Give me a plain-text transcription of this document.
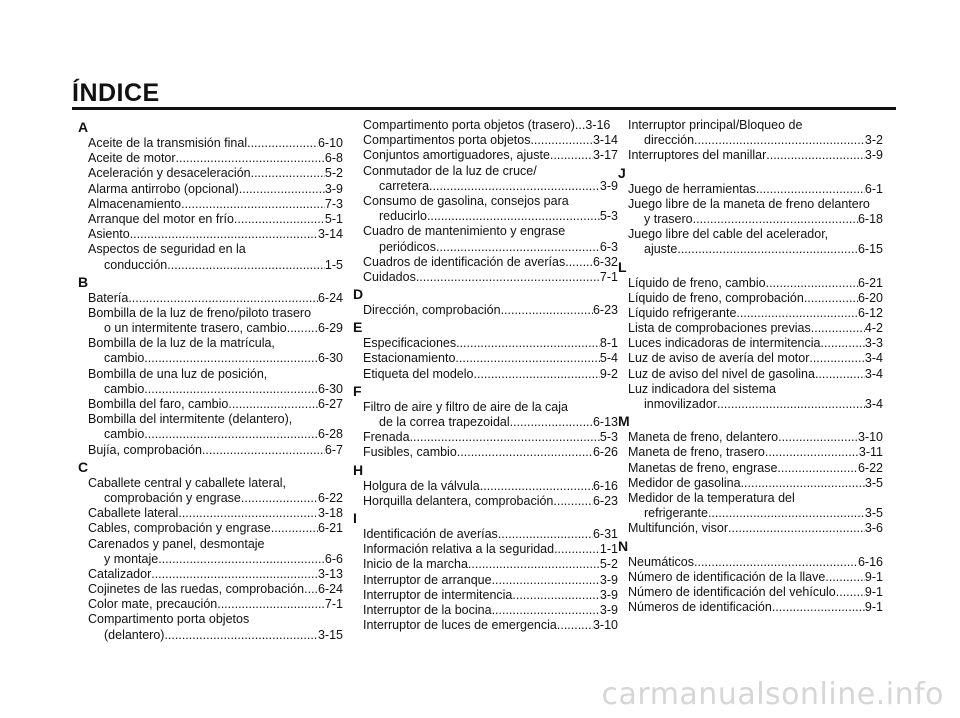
ÍNDICE
A
Aceite de la transmisión final .....	6-10
Aceite de motor .....	6-8
Aceleración y desaceleración .....	5-2
Alarma antirrobo (opcional) .....	3-9
Almacenamiento .....	7-3
Arranque del motor en frío .....	5-1
Asiento .....	3-14
Aspectos de seguridad en la
conducción .....	1-5
B
Batería .....	6-24
Bombilla de la luz de freno/piloto trasero
o un intermitente trasero, cambio ..... 6-29
Bombilla de la luz de la matrícula,
cambio .....	6-30
Bombilla de una luz de posición,
cambio .....	6-30
Bombilla del faro, cambio .....	6-27
Bombilla del intermitente (delantero),
cambio .....	6-28
Bujía, comprobación .....	6-7
C
Caballete central y caballete lateral,
comprobación y engrase .....	6-22
Caballete lateral .....	3-18
Cables, comprobación y engrase .....	6-21
Carenados y panel, desmontaje
y montaje .....	6-6
Catalizador .....	3-13
Cojinetes de las ruedas, comprobación .. ..... 6-24
Color mate, precaución .....	7-1
Compartimento porta objetos
(delantero) .....	3-15
Compartimento porta objetos (trasero) ... 3-16
Compartimentos porta objetos .....	3-14
Conjuntos amortiguadores, ajuste .....	3-17
Conmutador de la luz de cruce/
carretera .....	3-9
Consumo de gasolina, consejos para
reducirlo .....	5-3
Cuadro de mantenimiento y engrase
periódicos .....	6-3
Cuadros de identificación de averías ..... 6-32
Cuidados .....	7-1
D
Dirección, comprobación .....	6-23
E
Especificaciones .....	8-1
Estacionamiento .....	5-4
Etiqueta del modelo .....	9-2
F
Filtro de aire y filtro de aire de la caja
de la correa trapezoidal .....	6-13
Frenada .....	5-3
Fusibles, cambio .....	6-26
H
Holgura de la válvula .....	6-16
Horquilla delantera, comprobación .....	6-23
I
Identificación de averías .....	6-31
Información relativa a la seguridad .....	1-1
Inicio de la marcha .....	5-2
Interruptor de arranque .....	3-9
Interruptor de intermitencia .....	3-9
Interruptor de la bocina .....	3-9
Interruptor de luces de emergencia .....	3-10
Interruptor principal/Bloqueo de
dirección .....	3-2
Interruptores del manillar .....	3-9
J
Juego de herramientas .....	6-1
Juego libre de la maneta de freno delantero
y trasero .....	6-18
Juego libre del cable del acelerador,
ajuste .....	6-15
L
Líquido de freno, cambio .....	6-21
Líquido de freno, comprobación .....	6-20
Líquido refrigerante .....	6-12
Lista de comprobaciones previas .....	4-2
Luces indicadoras de intermitencia .....	3-3
Luz de aviso de avería del motor .....	3-4
Luz de aviso del nivel de gasolina .....	3-4
Luz indicadora del sistema
inmovilizador .....	3-4
M
Maneta de freno, delantero .....	3-10
Maneta de freno, trasero .....	3-11
Manetas de freno, engrase .....	6-22
Medidor de gasolina .....	3-5
Medidor de la temperatura del
refrigerante .....	3-5
Multifunción, visor .....	3-6
N
Neumáticos .....	6-16
Número de identificación de la llave .....	9-1
Número de identificación del vehículo ..... 9-1
Números de identificación .....	9-1
carmanualsonline.info
